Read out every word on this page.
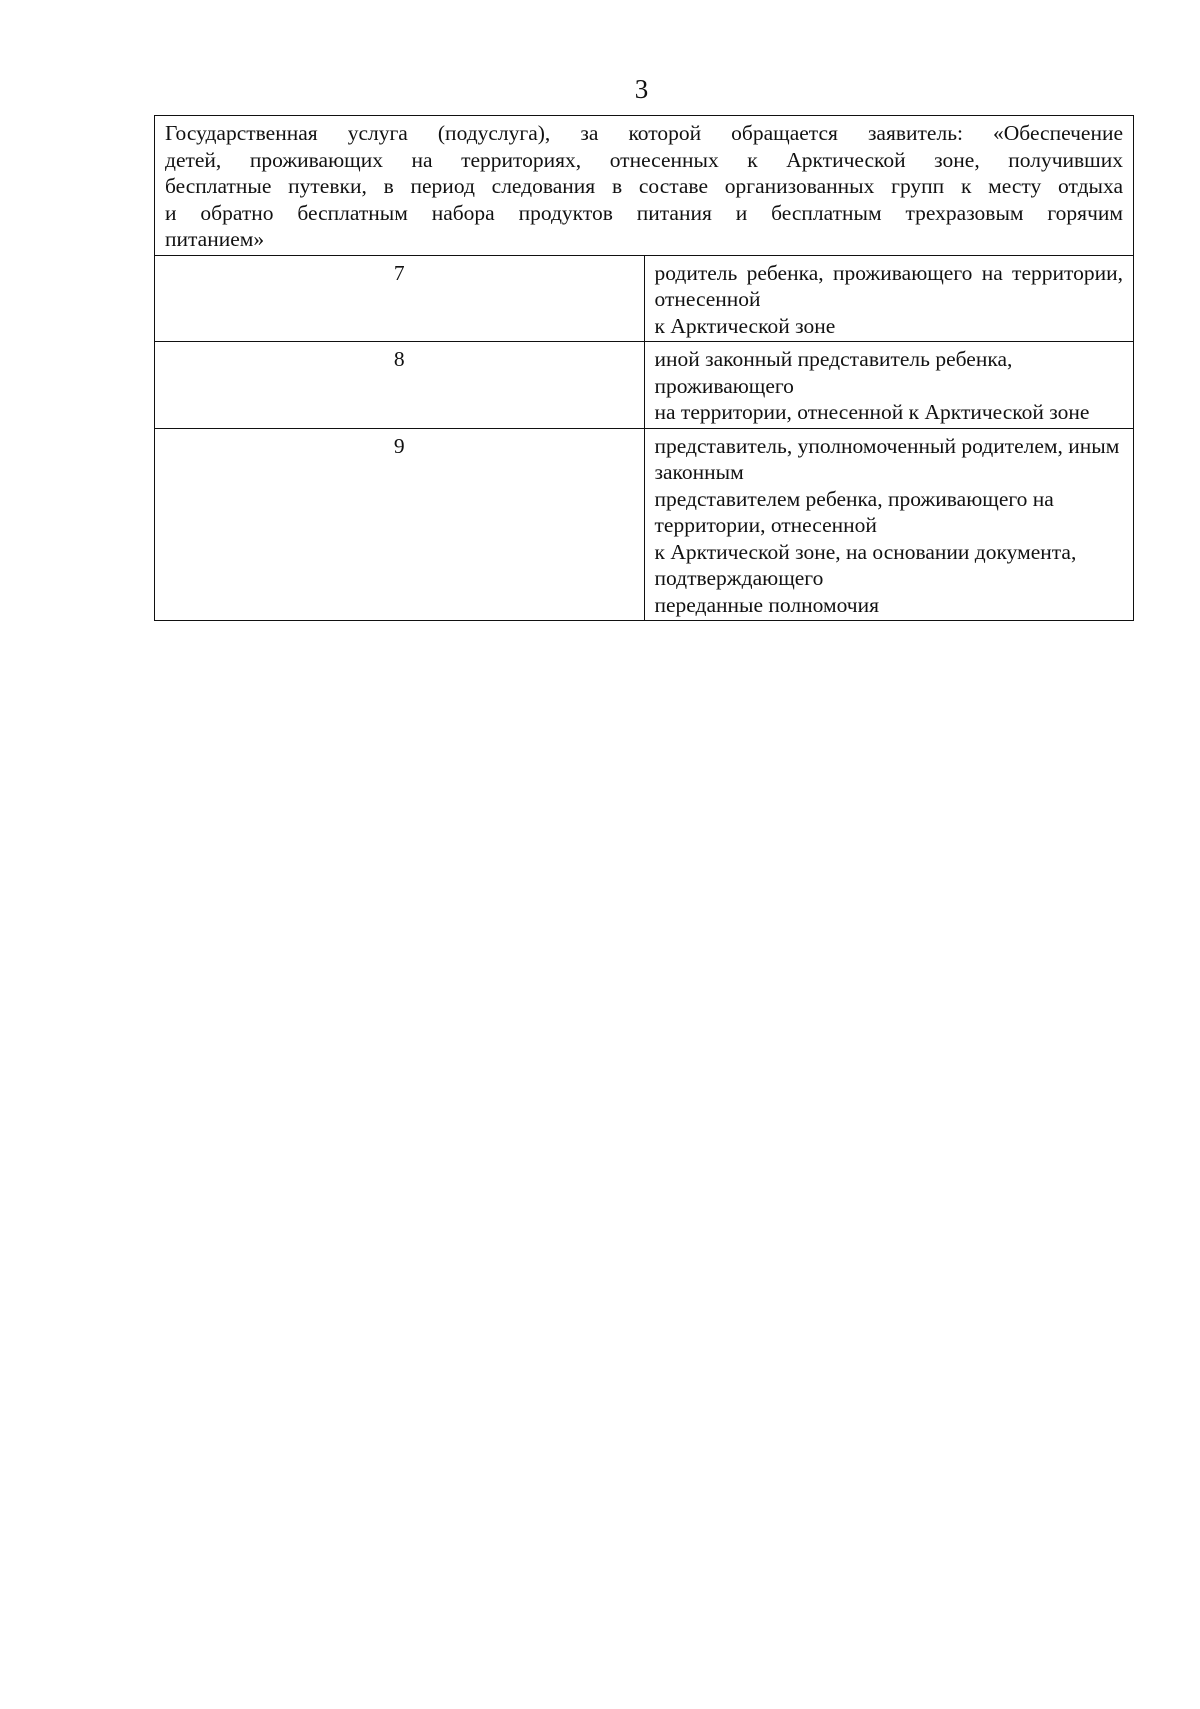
3
Государственная услуга (подуслуга), за которой обращается заявитель: «Обеспечение
детей, проживающих на территориях, отнесенных к Арктической зоне, получивших
бесплатные путевки, в период следования в составе организованных групп к месту отдыха
и обратно бесплатным набора продуктов питания и бесплатным трехразовым горячим
питанием»	

7	родитель ребенка, проживающего на территории, отнесенной
к Арктической зоне

8	иной законный представитель ребенка, проживающего
на территории, отнесенной к Арктической зоне

9	представитель, уполномоченный родителем, иным законным
представителем ребенка, проживающего на территории, отнесенной
к Арктической зоне, на основании документа, подтверждающего
переданные полномочия
